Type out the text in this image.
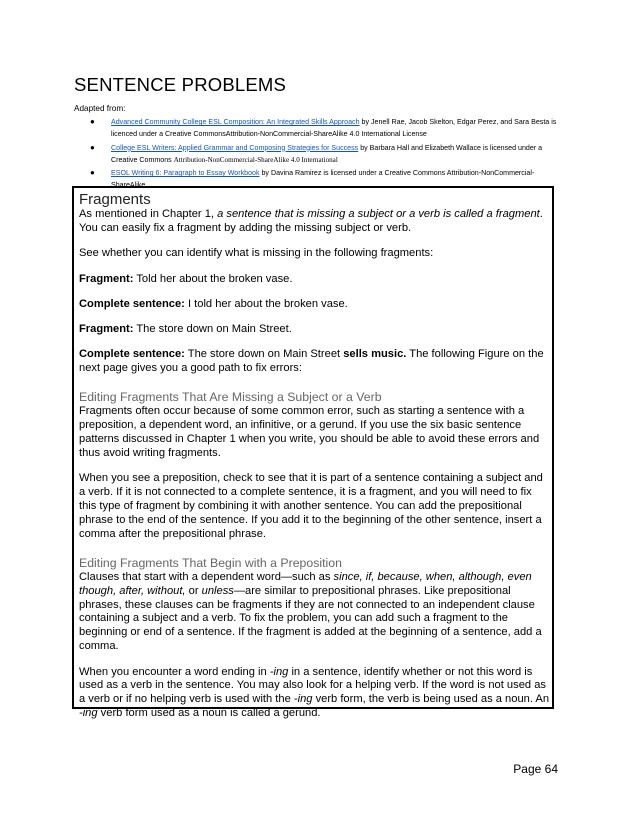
SENTENCE PROBLEMS
Adapted from:
● Advanced Community College ESL Composition: An Integrated Skills Approach by Jenell Rae, Jacob Skelton, Edgar Perez, and Sara Besta is licenced under a Creative CommonsAttribution-NonCommercial-ShareAlike 4.0 International License
● College ESL Writers: Applied Grammar and Composing Strategies for Success by Barbara Hall and Elizabeth Wallace is licensed under a Creative Commons Attribution-NonCommercial-ShareAlike 4.0 International
● ESOL Writing 6: Paragraph to Essay Workbook by Davina Ramirez is licensed under a Creative Commons Attribution-NonCommercial-ShareAlike
Fragments

As mentioned in Chapter 1, a sentence that is missing a subject or a verb is called a fragment. You can easily fix a fragment by adding the missing subject or verb.

See whether you can identify what is missing in the following fragments:

Fragment: Told her about the broken vase.

Complete sentence: I told her about the broken vase.

Fragment: The store down on Main Street.

Complete sentence: The store down on Main Street sells music. The following Figure on the next page gives you a good path to fix errors:

Editing Fragments That Are Missing a Subject or a Verb

Fragments often occur because of some common error, such as starting a sentence with a preposition, a dependent word, an infinitive, or a gerund. If you use the six basic sentence patterns discussed in Chapter 1 when you write, you should be able to avoid these errors and thus avoid writing fragments.

When you see a preposition, check to see that it is part of a sentence containing a subject and a verb. If it is not connected to a complete sentence, it is a fragment, and you will need to fix this type of fragment by combining it with another sentence. You can add the prepositional phrase to the end of the sentence. If you add it to the beginning of the other sentence, insert a comma after the prepositional phrase.

Editing Fragments That Begin with a Preposition

Clauses that start with a dependent word—such as since, if, because, when, although, even though, after, without, or unless—are similar to prepositional phrases. Like prepositional phrases, these clauses can be fragments if they are not connected to an independent clause containing a subject and a verb. To fix the problem, you can add such a fragment to the beginning or end of a sentence. If the fragment is added at the beginning of a sentence, add a comma.

When you encounter a word ending in -ing in a sentence, identify whether or not this word is used as a verb in the sentence. You may also look for a helping verb. If the word is not used as a verb or if no helping verb is used with the -ing verb form, the verb is being used as a noun. An -ing verb form used as a noun is called a gerund.

Page 64
